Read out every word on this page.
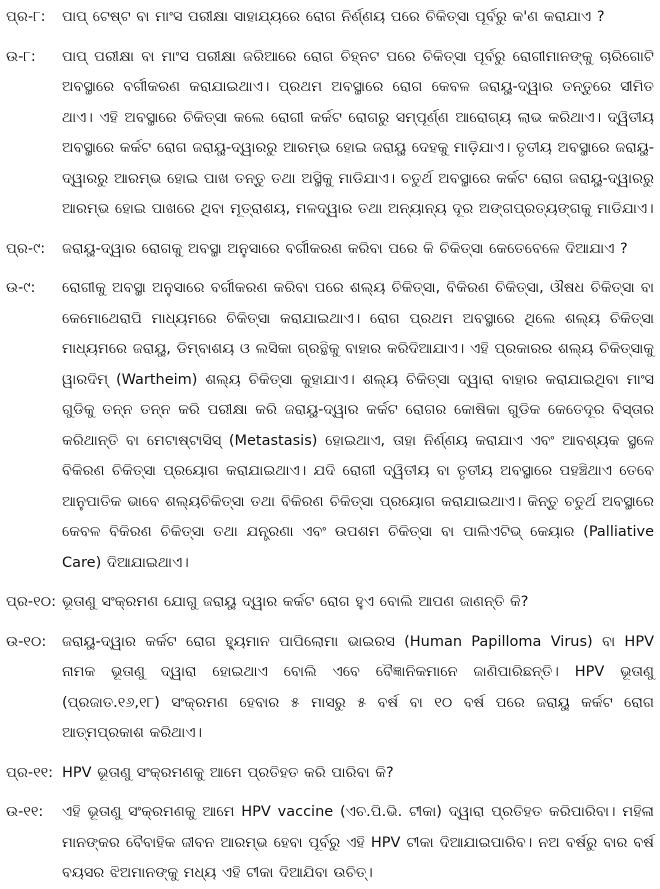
ପ୍ର-୮:	ପାପ୍ ଟେଷ୍ଟ ବା ମାଂସ ପରୀକ୍ଷା ସାହାଯ୍ୟରେ ରୋଗ ନିର୍ଣ୍ଣୟ ପରେ ଚିକିତ୍ସା ପୂର୍ବରୁ କ'ଣ କରାଯାଏ ?
ଉ-୮:	ପାପ୍ ପରୀକ୍ଷା ବା ମାଂସ ପରୀକ୍ଷା ଜରିଆରେ ରୋଗ ଚିହ୍ନଟ ପରେ ଚିକିତ୍ସା ପୂର୍ବରୁ ରୋଗୀମାନଙ୍କୁ ଚାରିଗୋଟି ଅବସ୍ଥାରେ ବର୍ଗୀକରଣ କରାଯାଇଥାଏ। ପ୍ରଥମ ଅବସ୍ଥାରେ ରୋଗ କେବଳ ଜରାୟୁ-ଦ୍ୱାର ତନ୍ତୁରେ ସୀମିତ ଥାଏ। ଏହି ଅବସ୍ଥାରେ ଚିକିତ୍ସା କଲେ ରୋଗୀ କର୍କଟ ରୋଗରୁ ସମ୍ପୂର୍ଣ୍ଣ ଆରୋଗ୍ୟ ଲାଭ କରିଥାଏ। ଦ୍ୱିତୀୟ ଅବସ୍ଥାରେ କର୍କଟ ରୋଗ ଜରାୟୁ-ଦ୍ୱାରରୁ ଆରମ୍ଭ ହୋଇ ଜରାୟୁ ଦେହକୁ ମାଡ଼ିଯାଏ। ତୃତୀୟ ଅବସ୍ଥାରେ ଜରାୟୁ-ଦ୍ୱାରରୁ ଆରମ୍ଭ ହୋଇ ପାଖ ତନ୍ତୁ ତଥା ଅସ୍ଥିକୁ ମାଡିଯାଏ। ଚତୁର୍ଥ ଅବସ୍ଥାରେ କର୍କଟ ରୋଗ ଜରାୟୁ-ଦ୍ୱାରରୁ ଆରମ୍ଭ ହୋଇ ପାଖରେ ଥିବା ମୂତ୍ରାଶୟ, ମଳଦ୍ୱାର ତଥା ଅନ୍ୟାନ୍ୟ ଦୂର ଅଙ୍ଗପ୍ରତ୍ୟଙ୍ଗକୁ ମାଡିଯାଏ।
ପ୍ର-୯:	ଜରାୟୁ-ଦ୍ୱାର ରୋଗକୁ ଅବସ୍ଥା ଅନୁସାରେ ବର୍ଗୀକରଣ କରିବା ପରେ କି ଚିକିତ୍ସା କେତେବେଳେ ଦିଆଯାଏ ?
ଉ-୯:	ରୋଗୀକୁ ଅବସ୍ଥା ଅନୁସାରେ ବର୍ଗୀକରଣ କରିବା ପରେ ଶଲ୍ୟ ଚିକିତ୍ସା, ବିକିରଣ ଚିକିତ୍ସା, ଔଷଧ ଚିକିତ୍ସା ବା କେମୋଥେରାପି ମାଧ୍ୟମରେ ଚିକିତ୍ସା କରାଯାଇଥାଏ। ରୋଗ ପ୍ରଥମ ଅବସ୍ଥାରେ ଥିଲେ ଶଲ୍ୟ ଚିକିତ୍ସା ମାଧ୍ୟମରେ ଜରାୟୁ, ଡିମ୍ବାଶୟ ଓ ଲସିକା ଗ୍ରନ୍ଥିକୁ ବାହାର କରିଦିଆଯାଏ। ଏହି ପ୍ରକାରର ଶଲ୍ୟ ଚିକିତ୍ସାକୁ ୱାରଦିମ୍ (Wartheim) ଶଲ୍ୟ ଚିକିତ୍ସା କୁହାଯାଏ। ଶଲ୍ୟ ଚିକିତ୍ସା ଦ୍ୱାରା ବାହାର କରାଯାଇଥିବା ମାଂସ ଗୁଡିକୁ ତନ୍ନ ତନ୍ନ କରି ପରୀକ୍ଷା କରି ଜରାୟୁ-ଦ୍ୱାର କର୍କଟ ରୋଗର କୋଷିକା ଗୁଡିକ କେତେଦୂର ବିସ୍ତାର କରିଥାନ୍ତି ବା ମେଟାଷ୍ଟାସିସ୍ (Metastasis) ହୋଇଥାଏ, ତାହା ନିର୍ଣ୍ଣୟ କରାଯାଏ ଏବଂ ଆବଶ୍ୟକ ସ୍ଥଳେ ବିକିରଣ ଚିକିତ୍ସା ପ୍ରୟୋଗ କରାଯାଇଥାଏ। ଯଦି ରୋଗୀ ଦ୍ୱିତୀୟ ବା ତୃତୀୟ ଅବସ୍ଥାରେ ପହଞ୍ଚିଥାଏ ତେବେ ଆନୁପାତିକ ଭାବେ ଶଲ୍ୟଚିକିତ୍ସା ତଥା ବିକିରଣ ଚିକିତ୍ସା ପ୍ରୟୋଗ କରାଯାଇଥାଏ। କିନ୍ତୁ ଚତୁର୍ଥ ଅବସ୍ଥାରେ କେବଳ ବିକିରଣ ଚିକିତ୍ସା ତଥା ଯନ୍ତ୍ରଣା ଏବଂ ଉପଶମ ଚିକିତ୍ସା ବା ପାଲିଏଟିଭ୍ କେୟାର (Palliative Care) ଦିଆଯାଇଥାଏ।
ପ୍ର-୧୦: ଭୂତାଣୁ ସଂକ୍ରମଣ ଯୋଗୁ ଜରାୟୁ ଦ୍ୱାର କର୍କଟ ରୋଗ ହୁଏ ବୋଲି ଆପଣ ଜାଣନ୍ତି କି?
ଉ-୧୦:	ଜରାୟୁ-ଦ୍ୱାର କର୍କଟ ରୋଗ ହ୍ୟୁମାନ ପାପିଲୋମା ଭାଇରସ (Human Papilloma Virus) ବା HPV ନାମକ ଭୂତାଣୁ ଦ୍ୱାରା ହୋଇଥାଏ ବୋଲି ଏବେ ବୈଜ୍ଞାନିକମାନେ ଜାଣିପାରିଛନ୍ତି। HPV ଭୂତାଣୁ (ପ୍ରଜାତ.୧୬,୧୮) ସଂକ୍ରମଣ ହେବାର ୫ ମାସରୁ ୫ ବର୍ଷ ବା ୧୦ ବର୍ଷ ପରେ ଜରାୟୁ କର୍କଟ ରୋଗ ଆତ୍ମପ୍ରକାଶ କରିଥାଏ।
ପ୍ର-୧୧: HPV ଭୂତାଣୁ ସଂକ୍ରମଣକୁ ଆମେ ପ୍ରତିହତ କରି ପାରିବା କି?
ଉ-୧୧:	ଏହି ଭୂତାଣୁ ସଂକ୍ରମଣକୁ ଆମେ HPV vaccine (ଏଚ.ପି.ଭି. ଟୀକା) ଦ୍ୱାରା ପ୍ରତିହତ କରିପାରିବା। ମହିଳା ମାନଙ୍କର ବୈବାହିକ ଜୀବନ ଆରମ୍ଭ ହେବା ପୂର୍ବରୁ ଏହି HPV ଟୀକା ଦିଆଯାଇପାରିବ। ନଅ ବର୍ଷରୁ ବାର ବର୍ଷ ବୟସର ଝିଅମାନଙ୍କୁ ମଧ୍ୟ ଏହି ଟୀକା ଦିଆଯିବା ଉଚିତ୍।
